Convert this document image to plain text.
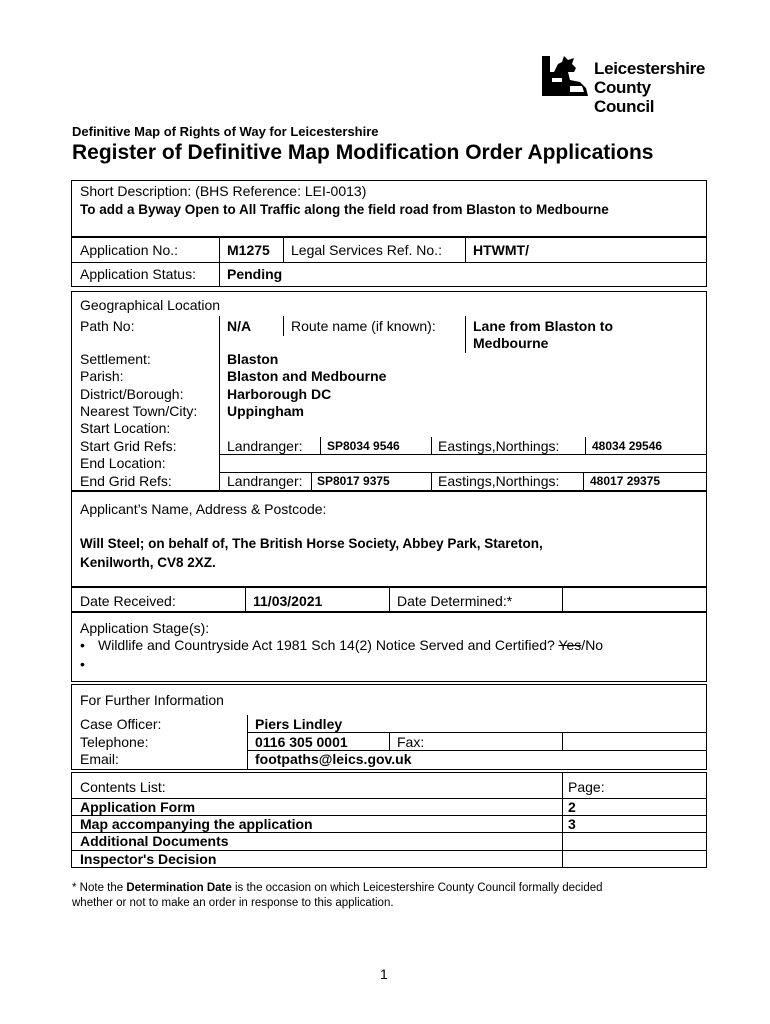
Leicestershire
County Council
Definitive Map of Rights of Way for Leicestershire
Register of Definitive Map Modification Order Applications
Short Description: (BHS Reference: LEI-0013)
To add a Byway Open to All Traffic along the field road from Blaston to Medbourne
Application No.:	M1275 Legal Services Ref. No.: HTWMT/
Application Status: Pending
Geographical Location
Path No:	N/A	Route name (if known):	Lane from Blaston to
Medbourne
Settlement:	Blaston
Parish:	Blaston and Medbourne
District/Borough:	Harborough DC
Nearest Town/City: Uppingham
Start Location:
Start Grid Refs:	Landranger: SP8034 9546	Eastings,Northings:	48034 29546
End Location:
End Grid Refs:	Landranger: SP8017 9375	Eastings,Northings:	48017 29375
Applicant’s Name, Address & Postcode:
Will Steel; on behalf of, The British Horse Society, Abbey Park, Stareton,
Kenilworth, CV8 2XZ.
Date Received:	11/03/2021	Date Determined:*
Application Stage(s):
• Wildlife and Countryside Act 1981 Sch 14(2) Notice Served and Certified? Yes/No
•
For Further Information
Case Officer:	Piers Lindley
Telephone:	0116 305 0001	Fax:
Email:	footpaths@leics.gov.uk
Contents List:	Page:
Application Form	2
Map accompanying the application	3
Additional Documents
Inspector's Decision
* Note the Determination Date is the occasion on which Leicestershire County Council formally decided
whether or not to make an order in response to this application.
1
